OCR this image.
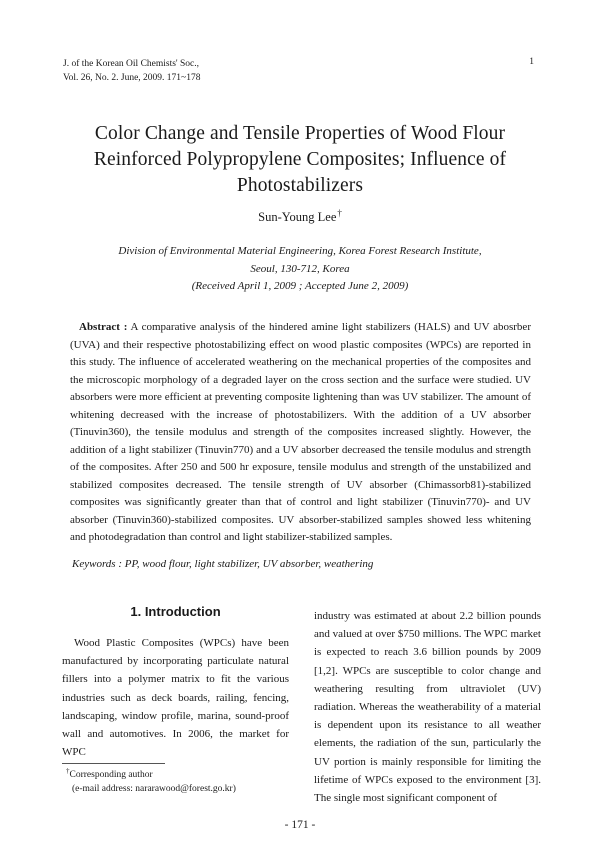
J. of the Korean Oil Chemists' Soc.,
Vol. 26, No. 2. June, 2009. 171~178
1
Color Change and Tensile Properties of Wood Flour Reinforced Polypropylene Composites; Influence of Photostabilizers
Sun-Young Lee†
Division of Environmental Material Engineering, Korea Forest Research Institute,
Seoul, 130-712, Korea
(Received April 1, 2009 ; Accepted June 2, 2009)
Abstract : A comparative analysis of the hindered amine light stabilizers (HALS) and UV abosrber (UVA) and their respective photostabilizing effect on wood plastic composites (WPCs) are reported in this study. The influence of accelerated weathering on the mechanical properties of the composites and the microscopic morphology of a degraded layer on the cross section and the surface were studied. UV absorbers were more efficient at preventing composite lightening than was UV stabilizer. The amount of whitening decreased with the increase of photostabilizers. With the addition of a UV absorber (Tinuvin360), the tensile modulus and strength of the composites increased slightly. However, the addition of a light stabilizer (Tinuvin770) and a UV absorber decreased the tensile modulus and strength of the composites. After 250 and 500 hr exposure, tensile modulus and strength of the unstabilized and stabilized composites decreased. The tensile strength of UV absorber (Chimassorb81)-stabilized composites was significantly greater than that of control and light stabilizer (Tinuvin770)- and UV absorber (Tinuvin360)-stabilized composites. UV absorber-stabilized samples showed less whitening and photodegradation than control and light stabilizer-stabilized samples.
Keywords : PP, wood flour, light stabilizer, UV absorber, weathering
1. Introduction
Wood Plastic Composites (WPCs) have been manufactured by incorporating particulate natural fillers into a polymer matrix to fit the various industries such as deck boards, railing, fencing, landscaping, window profile, marina, sound-proof wall and automotives. In 2006, the market for WPC
industry was estimated at about 2.2 billion pounds and valued at over $750 millions. The WPC market is expected to reach 3.6 billion pounds by 2009 [1,2]. WPCs are susceptible to color change and weathering resulting from ultraviolet (UV) radiation. Whereas the weatherability of a material is dependent upon its resistance to all weather elements, the radiation of the sun, particularly the UV portion is mainly responsible for limiting the lifetime of WPCs exposed to the environment [3]. The single most significant component of
†Corresponding author
(e-mail address: nararawood@forest.go.kr)
- 171 -
